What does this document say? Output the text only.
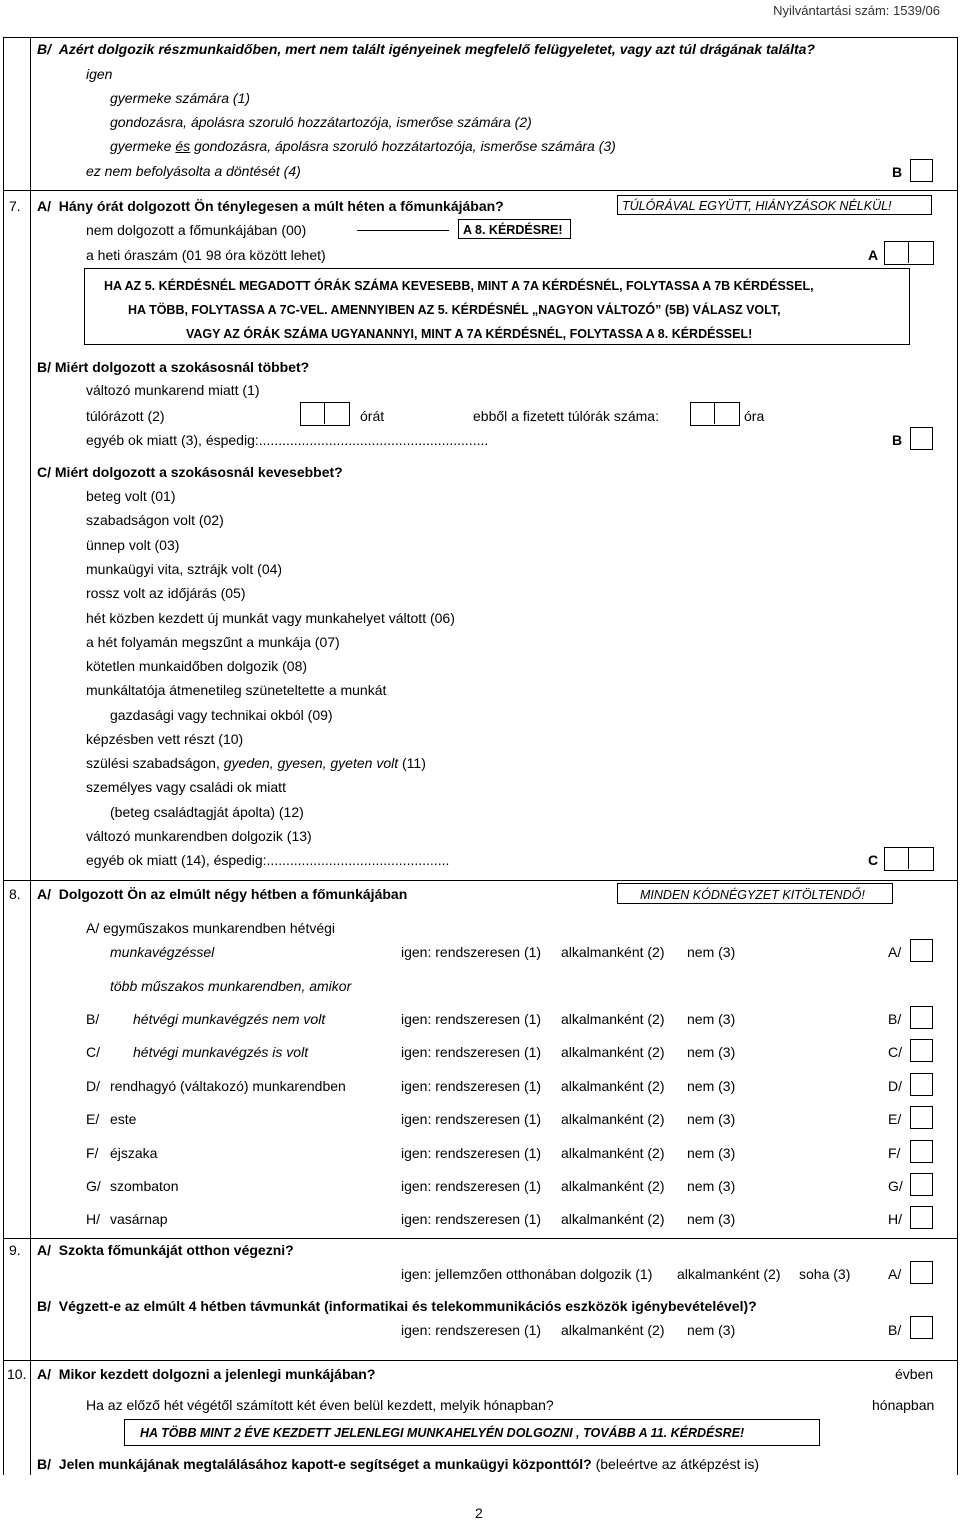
Nyilvántartási szám: 1539/06
B/ Azért dolgozik részmunkaidőben, mert nem talált igényeinek megfelelő felügyeletet, vagy azt túl drágának találta?
igen
gyermeke számára (1)
gondozásra, ápolásra szoruló hozzátartozója, ismerőse számára (2)
gyermeke és gondozásra, ápolásra szoruló hozzátartozója, ismerőse számára (3)
ez nem befolyásolta a döntését (4)	B
7. A/ Hány órát dolgozott Ön ténylegesen a múlt héten a főmunkájában?	TÚLÓRÁVAL EGYÜTT, HIÁNYZÁSOK NÉLKÜL!
nem dolgozott a főmunkájában (00)	A 8. KÉRDÉSRE!
a heti óraszám (01 98 óra között lehet)	A
HA AZ 5. KÉRDÉSNÉL MEGADOTT ÓRÁK SZÁMA KEVESEBB, MINT A 7A KÉRDÉSNÉL, FOLYTASSA A 7B KÉRDÉSSEL,
HA TÖBB, FOLYTASSA A 7C-VEL. AMENNYIBEN AZ 5. KÉRDÉSNÉL „NAGYON VÁLTOZÓ” (5B) VÁLASZ VOLT,
VAGY AZ ÓRÁK SZÁMA UGYANANNYI, MINT A 7A KÉRDÉSNÉL, FOLYTASSA A 8. KÉRDÉSSEL!
B/ Miért dolgozott a szokásosnál többet?
változó munkarend miatt (1)
túlórázott (2)	órát	ebből a fizetett túlórák száma:	óra
egyéb ok miatt (3), éspedig:...........................................................	B
C/ Miért dolgozott a szokásosnál kevesebbet?
beteg volt (01)
szabadságon volt (02)
ünnep volt (03)
munkaügyi vita, sztrájk volt (04)
rossz volt az időjárás (05)
hét közben kezdett új munkát vagy munkahelyet váltott (06)
a hét folyamán megszűnt a munkája (07)
kötetlen munkaidőben dolgozik (08)
munkáltatója átmenetileg szüneteltette a munkát
gazdasági vagy technikai okból (09)
képzésben vett részt (10)
szülési szabadságon, gyeden, gyesen, gyeten volt (11)
személyes vagy családi ok miatt
(beteg családtagját ápolta) (12)
változó munkarendben dolgozik (13)
egyéb ok miatt (14), éspedig:...............................................	C
8. A/ Dolgozott Ön az elmúlt négy hétben a főmunkájában	MINDEN KÓDNÉGYZET KITÖLTENDŐ!
A/ egyműszakos munkarendben hétvégi
munkavégzéssel
több műszakos munkarendben, amikor
igen: rendszeresen (1) alkalmanként (2) nem (3)	A/
B/ hétvégi munkavégzés nem volt	igen: rendszeresen (1) alkalmanként (2) nem (3)	B/
C/ hétvégi munkavégzés is volt	igen: rendszeresen (1) alkalmanként (2) nem (3)	C/
D/ rendhagyó (váltakozó) munkarendben	igen: rendszeresen (1) alkalmanként (2) nem (3)	D/
E/ este	igen: rendszeresen (1) alkalmanként (2) nem (3)	E/
F/ éjszaka	igen: rendszeresen (1) alkalmanként (2) nem (3)	F/
G/ szombaton	igen: rendszeresen (1) alkalmanként (2) nem (3)	G/
H/ vasárnap	igen: rendszeresen (1) alkalmanként (2) nem (3)	H/
9. A/ Szokta főmunkáját otthon végezni?
igen: jellemzően otthonában dolgozik (1) alkalmanként (2) soha (3)	A/
B/ Végzett-e az elmúlt 4 hétben távmunkát (informatikai és telekommunikációs eszközök igénybevételével)?
igen: rendszeresen (1) alkalmanként (2) nem (3)	B/
10. A/ Mikor kezdett dolgozni a jelenlegi munkájában?	évben
Ha az előző hét végétől számított két éven belül kezdett, melyik hónapban?	hónapban
HA TÖBB MINT 2 ÉVE KEZDETT JELENLEGI MUNKAHELYÉN DOLGOZNI , TOVÁBB A 11. KÉRDÉSRE!
B/ Jelen munkájának megtalálásához kapott-e segítséget a munkaügyi központtól? (beleértve az átképzést is)
2
